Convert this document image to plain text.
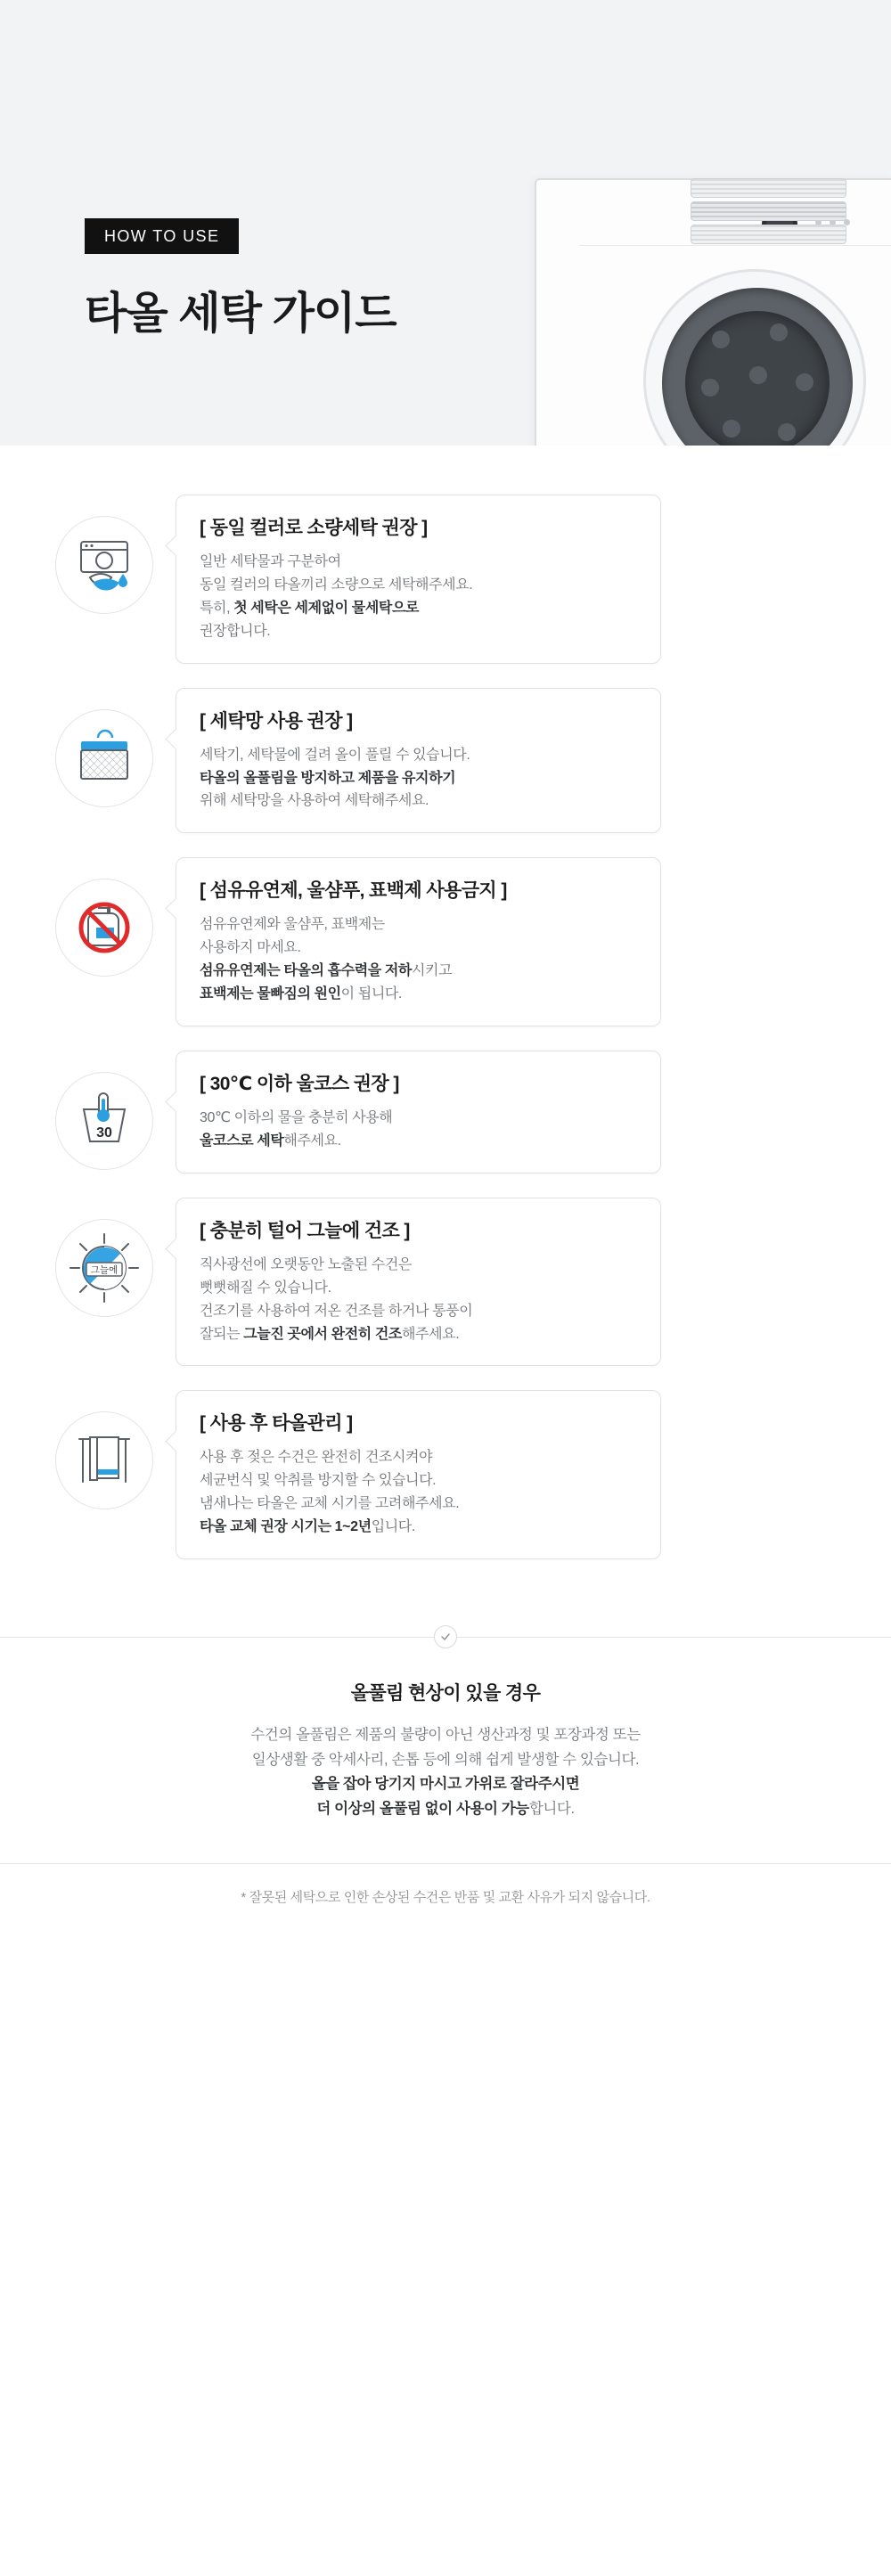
HOW TO USE
타올 세탁 가이드
[ 동일 컬러로 소량세탁 권장 ]

일반 세탁물과 구분하여
동일 컬러의 타올끼리 소량으로 세탁해주세요.
특히, 첫 세탁은 세제없이 물세탁으로
권장합니다.

[ 세탁망 사용 권장 ]

세탁기, 세탁물에 걸려 올이 풀릴 수 있습니다.
타올의 올풀림을 방지하고 제품을 유지하기
위해 세탁망을 사용하여 세탁해주세요.

[ 섬유유연제, 울샴푸, 표백제 사용금지 ]

섬유유연제와 울샴푸, 표백제는
사용하지 마세요.
섬유유연제는 타올의 흡수력을 저하시키고
표백제는 물빠짐의 원인이 됩니다.

30
[ 30℃ 이하 울코스 권장 ]

30℃ 이하의 물을 충분히 사용해
울코스로 세탁해주세요.

그늘에
[ 충분히 털어 그늘에 건조 ]

직사광선에 오랫동안 노출된 수건은
뻣뻣해질 수 있습니다.
건조기를 사용하여 저온 건조를 하거나 통풍이
잘되는 그늘진 곳에서 완전히 건조해주세요.

[ 사용 후 타올관리 ]

사용 후 젖은 수건은 완전히 건조시켜야
세균번식 및 악취를 방지할 수 있습니다.
냄새나는 타올은 교체 시기를 고려해주세요.
타올 교체 권장 시기는 1~2년입니다.

올풀림 현상이 있을 경우

수건의 올풀림은 제품의 불량이 아닌 생산과정 및 포장과정 또는
일상생활 중 악세사리, 손톱 등에 의해 쉽게 발생할 수 있습니다.
올을 잡아 당기지 마시고 가위로 잘라주시면
더 이상의 올풀림 없이 사용이 가능합니다.

* 잘못된 세탁으로 인한 손상된 수건은 반품 및 교환 사유가 되지 않습니다.
